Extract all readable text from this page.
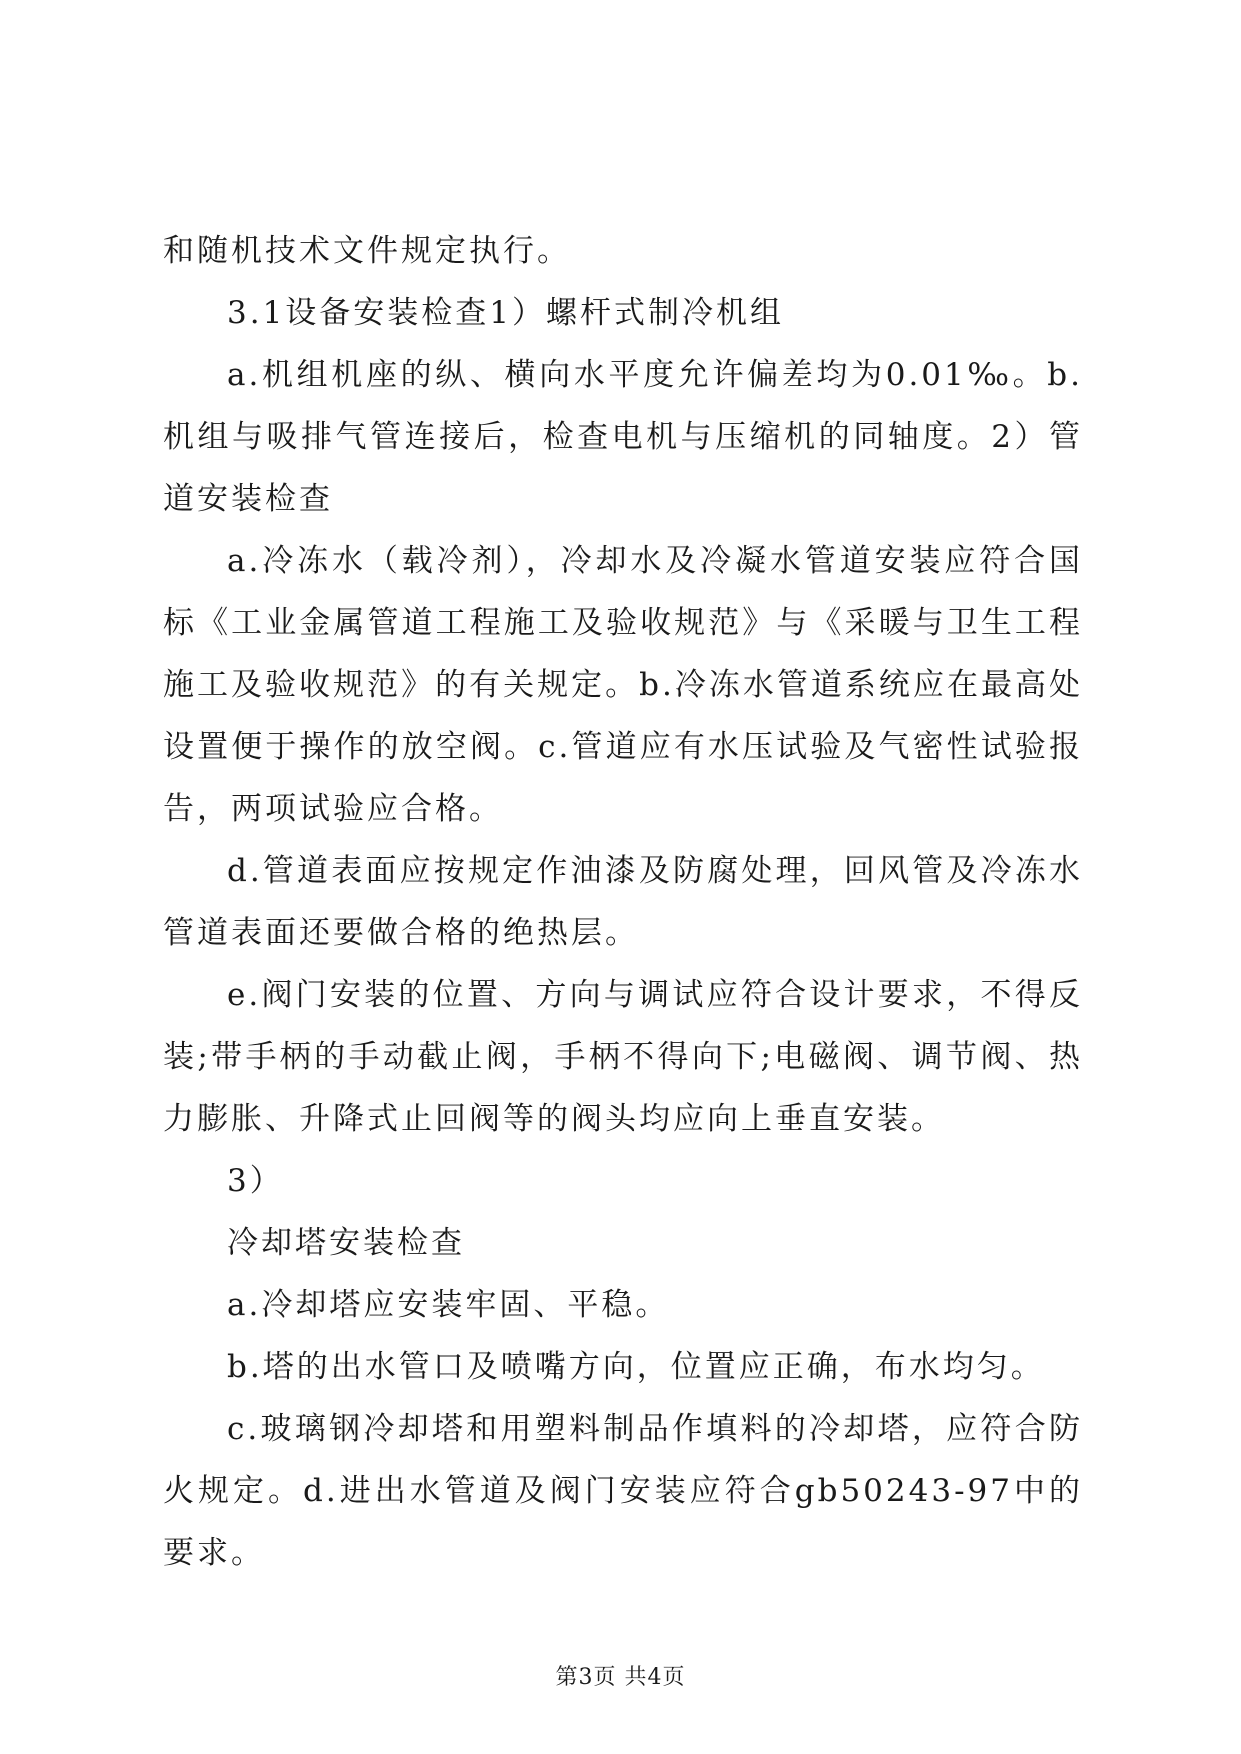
和随机技术文件规定执行。

3.1设备安装检查1）螺杆式制冷机组

a.机组机座的纵、横向水平度允许偏差均为0.01‰。b.机组与吸排气管连接后，检查电机与压缩机的同轴度。2）管道安装检查

a.冷冻水（载冷剂），冷却水及冷凝水管道安装应符合国标《工业金属管道工程施工及验收规范》与《采暖与卫生工程施工及验收规范》的有关规定。b.冷冻水管道系统应在最高处设置便于操作的放空阀。c.管道应有水压试验及气密性试验报告，两项试验应合格。

d.管道表面应按规定作油漆及防腐处理，回风管及冷冻水管道表面还要做合格的绝热层。

e.阀门安装的位置、方向与调试应符合设计要求，不得反装;带手柄的手动截止阀，手柄不得向下;电磁阀、调节阀、热力膨胀、升降式止回阀等的阀头均应向上垂直安装。

3）

冷却塔安装检查

a.冷却塔应安装牢固、平稳。

b.塔的出水管口及喷嘴方向，位置应正确，布水均匀。

c.玻璃钢冷却塔和用塑料制品作填料的冷却塔，应符合防火规定。d.进出水管道及阀门安装应符合gb50243-97中的要求。

第3页 共4页
